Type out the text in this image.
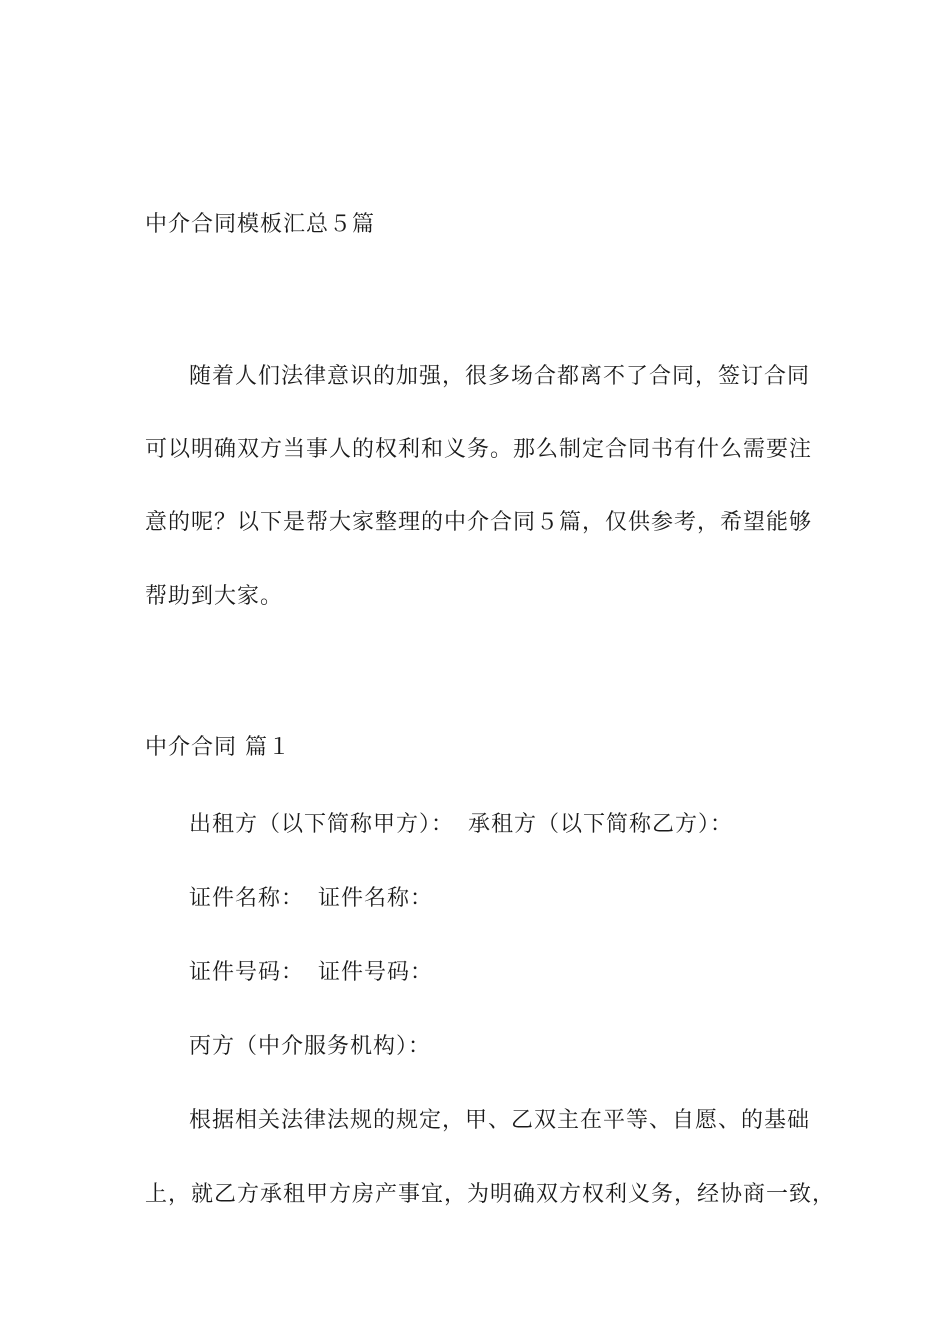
中介合同模板汇总５篇
随着人们法律意识的加强，很多场合都离不了合同，签订合同
可以明确双方当事人的权利和义务。那么制定合同书有什么需要注
意的呢？以下是帮大家整理的中介合同５篇，仅供参考，希望能够
帮助到大家。
中介合同 篇１
出租方（以下简称甲方）： 承租方（以下简称乙方）：
证件名称： 证件名称：
证件号码： 证件号码：
丙方（中介服务机构）：
根据相关法律法规的规定，甲、乙双主在平等、自愿、的基础
上，就乙方承租甲方房产事宜，为明确双方权利义务，经协商一致，
